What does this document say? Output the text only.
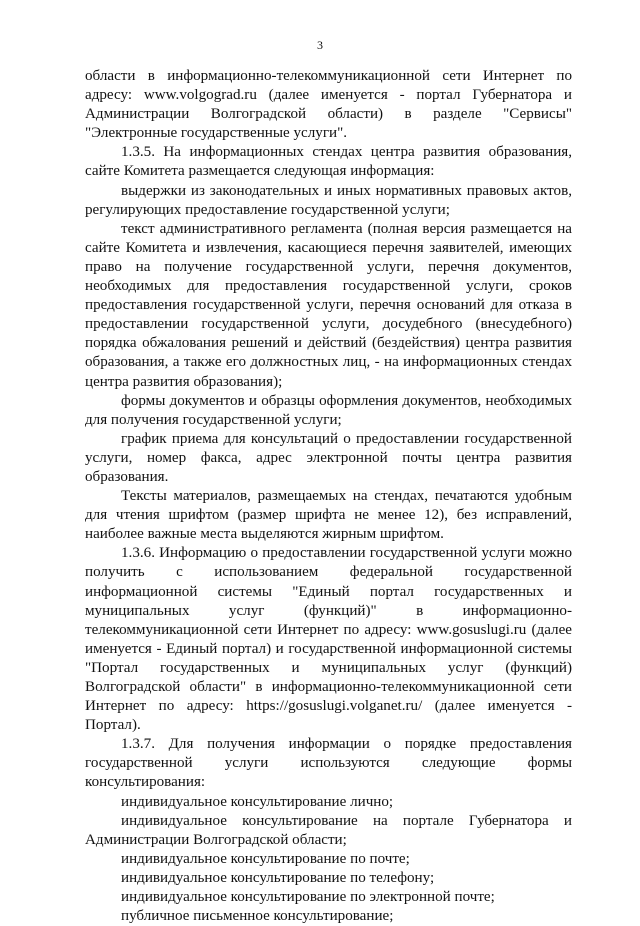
3

области в информационно-телекоммуникационной сети Интернет по адресу: www.volgograd.ru (далее именуется - портал Губернатора и Администрации Волгоградской области) в разделе "Сервисы" "Электронные государственные услуги".

1.3.5. На информационных стендах центра развития образования, сайте Комитета размещается следующая информация:

выдержки из законодательных и иных нормативных правовых актов, регулирующих предоставление государственной услуги;

текст административного регламента (полная версия размещается на сайте Комитета и извлечения, касающиеся перечня заявителей, имеющих право на получение государственной услуги, перечня документов, необходимых для предоставления государственной услуги, сроков предоставления государственной услуги, перечня оснований для отказа в предоставлении государственной услуги, досудебного (внесудебного) порядка обжалования решений и действий (бездействия) центра развития образования, а также его должностных лиц, - на информационных стендах центра развития образования);

формы документов и образцы оформления документов, необходимых для получения государственной услуги;

график приема для консультаций о предоставлении государственной услуги, номер факса, адрес электронной почты центра развития образования.

Тексты материалов, размещаемых на стендах, печатаются удобным для чтения шрифтом (размер шрифта не менее 12), без исправлений, наиболее важные места выделяются жирным шрифтом.

1.3.6. Информацию о предоставлении государственной услуги можно получить с использованием федеральной государственной информационной системы "Единый портал государственных и муниципальных услуг (функций)" в информационно-телекоммуникационной сети Интернет по адресу: www.gosuslugi.ru (далее именуется - Единый портал) и государственной информационной системы "Портал государственных и муниципальных услуг (функций) Волгоградской области" в информационно-телекоммуникационной сети Интернет по адресу: https://gosuslugi.volganet.ru/ (далее именуется - Портал).

1.3.7. Для получения информации о порядке предоставления государственной услуги используются следующие формы консультирования:

индивидуальное консультирование лично;

индивидуальное консультирование на портале Губернатора и Администрации Волгоградской области;

индивидуальное консультирование по почте;

индивидуальное консультирование по телефону;

индивидуальное консультирование по электронной почте;

публичное письменное консультирование;
